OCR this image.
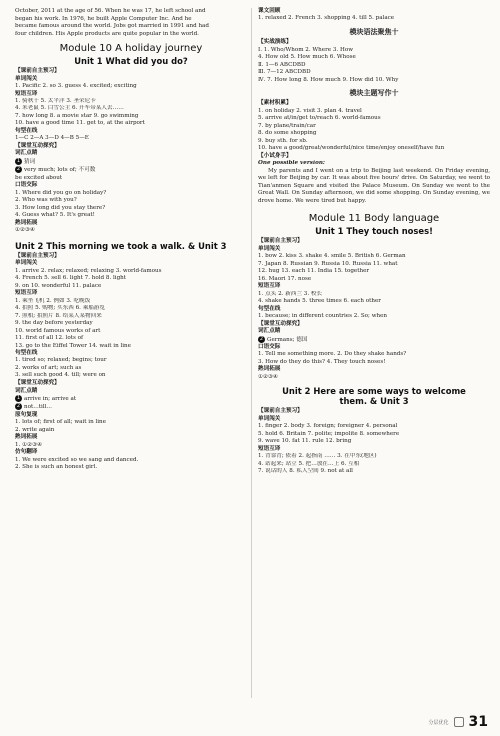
October, 2011 at the age of 56. When he was 17, he left school and
began his work. In 1976, he built Apple Computer Inc. And he
became famous around the world. Jobs got married in 1991 and had
four children. His Apple products are quite popular in the world.
Module 10 A holiday journey
Unit 1 What did you do?
【课前自主预习】
单词闯关
1. Pacific 2. so 3. guess 4. excited; exciting
短语互译
1. 骑秋千 5. 太平洋 3. 圣荣尼卡
4. 米老鼠 5. 白雪公主 6. 开车带某人去……
7. how long 8. a movie star 9. go swimming
10. have a good time 11. get to, at the airport
句型在线
1—C 2—A 3—D 4—B 5—E
【课堂互动探究】
词汇点睛
1 猜词
2 very much; lots of; 不可数
be excited about
口语交际
1. Where did you go on holiday?
2. Who was with you?
3. How long did you stay there?
4. Guess what? 5. It's great!
熟词拓展
①②③④
Unit 2 This morning we took a walk. & Unit 3
【课前自主预习】
单词闯关
1. arrive 2. relax; relaxed; relaxing 3. world-famous
4. French 5. sell 6. light 7. hold 8. light
9. on 10. wonderful 11. palace
短语互译
1. 乘坐飞机 2. 例如 3. 吃晚饭
4. 拍照 5. 购物; 买东西 6. 乘船游览
7. 照相; 拍照片 8. 给某人某物回来
9. the day before yesterday
10. world famous works of art
11. first of all 12. lots of
13. go to the Eiffel Tower 14. wait in line
句型在线
1. tired so; relaxed; begins; tour
2. works of art; such as
3. sell such good 4. till; were on
【课堂互动探究】
词汇点睛
1 arrive in; arrive at
2 not…till…
原句复现
1. lots of; first of all; wait in line
2. write again
熟词拓展
1. ①②③④
仿句翻译
1. We were excited so we sang and danced.
2. She is such an honest girl.
课文回顾
1. relaxed 2. French 3. shopping 4. till 5. palace
模块语法聚焦十
【实战演练】
Ⅰ. 1. Who/Whom 2. Where 3. How
4. How old 5. How much 6. Whose
Ⅱ. 1—6 ABCDBD
Ⅲ. 7—12 ABCDBD
Ⅳ. 7. How long 8. How much 9. How did 10. Why
模块主题写作十
【素材积累】
1. on holiday 2. visit 3. plan 4. travel
5. arrive at/in/get to/reach 6. world-famous
7. by plane/train/car
8. do some shopping
9. buy sth. for sb.
10. have a good/great/wonderful/nice time/enjoy oneself/have fun
【小试身手】
One possible version:
My parents and I went on a trip to Beijing last weekend. On Friday evening, we left for Beijing by car. It was about five hours' drive. On Saturday, we went to Tian'anmen Square and visited the Palace Museum. On Sunday we went to the Great Wall. On Sunday afternoon, we did some shopping. On Sunday evening, we drove home. We were tired but happy.
Module 11 Body language
Unit 1 They touch noses!
【课前自主预习】
单词闯关
1. bow 2. kiss 3. shake 4. smile 5. British 6. German
7. Japan 8. Russian 9. Russia 10. Russia 11. what
12. hug 13. each 11. India 15. together
16. Maori 17. nose
短语互译
1. 点头 2. 新西兰 3. 校长
4. shake hands 5. three times 6. each other
句型在线
1. because; in different countries 2. So; when
【课堂互动探究】
词汇点睛
2 Germans; 德国
口语交际
1. Tell me something more. 2. Do they shake hands?
3. How do they do this? 4. They touch noses!
熟词拓展
①②③④
Unit 2 Here are some ways to welcome
them. & Unit 3
【课前自主预习】
单词闯关
1. finger 2. body 3. foreign; foreigner 4. personal
5. hold 6. Britain 7. polite; impolite 8. somewhere
9. wave 10. fat 11. rule 12. bring
短语互译
1. 背靠背; 依着 2. 起指南 …… 3. 在中东(地区)
4. 站起来; 站立 5. 把…放在…上 6. 互相
7. 说话的人 8. 私人空间 9. not at all
分层优化 31
